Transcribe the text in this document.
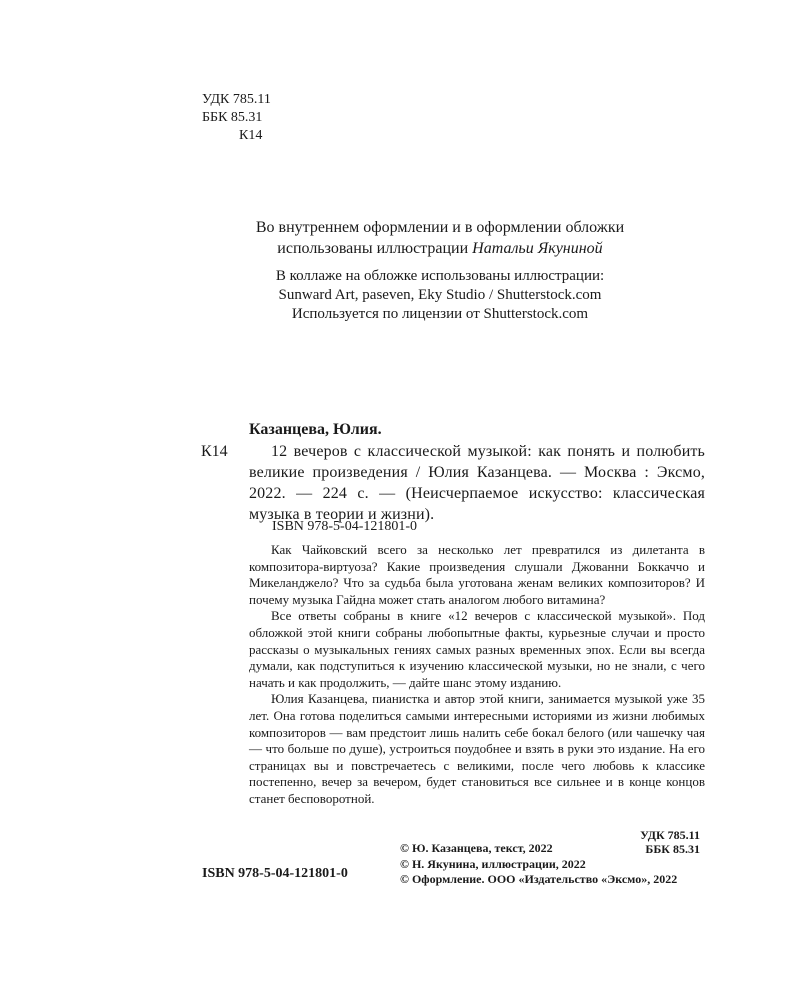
УДК 785.11
ББК 85.31
К14
Во внутреннем оформлении и в оформлении обложки
использованы иллюстрации Натальи Якуниной
В коллаже на обложке использованы иллюстрации:
Sunward Art, paseven, Eky Studio / Shutterstock.com
Используется по лицензии от Shutterstock.com
Казанцева, Юлия.
К14	12 вечеров с классической музыкой: как понять и полюбить великие произведения / Юлия Казанцева. — Москва : Эксмо, 2022. — 224 с. — (Неисчерпаемое искусство: классическая музыка в теории и жизни).
ISBN 978-5-04-121801-0

Как Чайковский всего за несколько лет превратился из дилетанта в композитора-виртуоза? Какие произведения слушали Джованни Боккаччо и Микеланджело? Что за судьба была уготована женам великих композиторов? И почему музыка Гайдна может стать аналогом любого витамина?

Все ответы собраны в книге «12 вечеров с классической музыкой». Под обложкой этой книги собраны любопытные факты, курьезные случаи и просто рассказы о музыкальных гениях самых разных временных эпох. Если вы всегда думали, как подступиться к изучению классической музыки, но не знали, с чего начать и как продолжить, — дайте шанс этому изданию.

Юлия Казанцева, пианистка и автор этой книги, занимается музыкой уже 35 лет. Она готова поделиться самыми интересными историями из жизни любимых композиторов — вам предстоит лишь налить себе бокал белого (или чашечку чая — что больше по душе), устроиться поудобнее и взять в руки это издание. На его страницах вы и повстречаетесь с великими, после чего любовь к классике постепенно, вечер за вечером, будет становиться все сильнее и в конце концов станет бесповоротной.

УДК 785.11
ББК 85.31
ISBN 978-5-04-121801-0
© Ю. Казанцева, текст, 2022
© Н. Якунина, иллюстрации, 2022
© Оформление. ООО «Издательство «Эксмо», 2022
